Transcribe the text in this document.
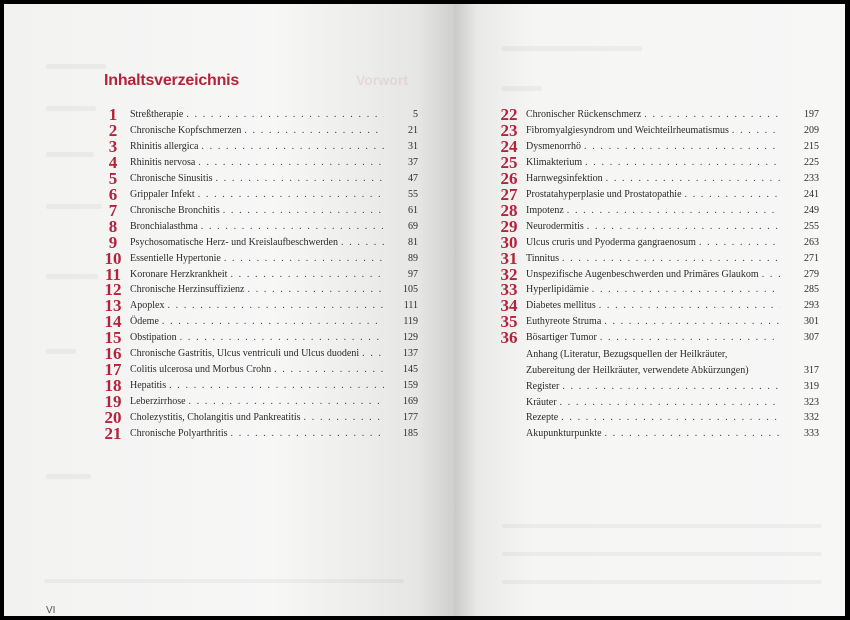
Vorwort
Inhaltsverzeichnis
1	Streßtherapie . . .	5
2	Chronische Kopfschmerzen . . .	21
3	Rhinitis allergica . . .	31
4	Rhinitis nervosa . . .	37
5	Chronische Sinusitis . . .	47
6	Grippaler Infekt . . .	55
7	Chronische Bronchitis . . .	61
8	Bronchialasthma . . .	69
9	Psychosomatische Herz- und Kreislaufbeschwerden . . .	81
10 Essentielle Hypertonie . . .	89
11 Koronare Herzkrankheit . . .	97
12 Chronische Herzinsuffizienz . . .	105
13 Apoplex . . .	111
14 Ödeme . . .	119
15 Obstipation . . .	129
16 Chronische Gastritis, Ulcus ventriculi und Ulcus duodeni . . .	137
17 Colitis ulcerosa und Morbus Crohn . . .	145
18 Hepatitis . . .	159
19 Leberzirrhose . . .	169
20 Cholezystitis, Cholangitis und Pankreatitis . . .	177
21 Chronische Polyarthritis . . .	185
VI
Anhang (Literatur, Bezugsquellen der Heilkräuter,
Zubereitung der Heilkräuter, verwendete Abkürzungen)	317
22 Chronischer Rückenschmerz . . .	197
23 Fibromyalgiesyndrom und Weichteilrheumatismus . . .	209
24 Dysmenorrhö . . .	215
25 Klimakterium . . .	225
26 Harnwegsinfektion . . .	233
27 Prostatahyperplasie und Prostatopathie . . .	241
28 Impotenz . . .	249
29 Neurodermitis . . .	255
30 Ulcus cruris und Pyoderma gangraenosum . . .	263
31 Tinnitus . . .	271
32 Unspezifische Augenbeschwerden und Primäres Glaukom . . .	279
33 Hyperlipidämie . . .	285
34 Diabetes mellitus . . .	293
35 Euthyreote Struma . . .	301
36 Bösartiger Tumor . . .	307
Register . . .	319
Kräuter . . .	323
Rezepte . . .	332
Akupunkturpunkte . . .	333
